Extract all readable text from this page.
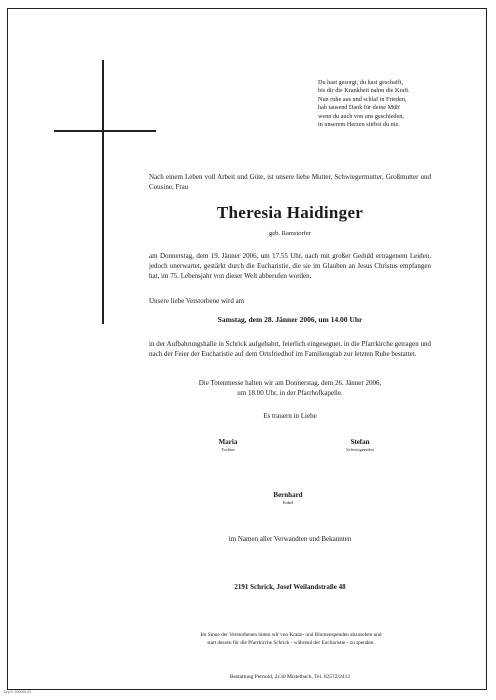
Du hast gesorgt, du hast geschafft,
bis dir die Krankheit nahm die Kraft.
Nun ruhe aus und schlaf in Frieden,
hab tausend Dank für deine Müh'
wenn du auch von uns geschieden,
in unserem Herzen stirbst du nie.

Nach einem Leben voll Arbeit und Güte, ist unsere liebe Mutter, Schwiegermutter, Großmutter und Cousine, Frau

Theresia Haidinger

geb. Ramstorfer

am Donnerstag, dem 19. Jänner 2006, um 17.55 Uhr, nach mit großer Geduld ertragenem Leiden, jedoch unerwartet, gestärkt durch die Eucharistie, die sie im Glauben an Jesus Christus empfangen hat, im 75. Lebensjahr von dieser Welt abberufen worden.

Unsere liebe Verstorbene wird am

Samstag, dem 28. Jänner 2006, um 14.00 Uhr

in der Aufbahrungshalle in Schrick aufgebahrt, feierlich eingesegnet, in die Pfarrkirche getragen und nach der Feier der Eucharistie auf dem Ortsfriedhof im Familiengrab zur letzten Ruhe bestattet.

Die Totenmesse halten wir am Donnerstag, dem 26. Jänner 2006,

um 18.00 Uhr, in der Pfarrhofkapelle.

Es trauern in Liebe

Maria
Tochter
Stefan
Schwiegersohn
Bernhard
Enkel

im Namen aller Verwandten und Bekannten

2191 Schrick, Josef Weilandstraße 48

Im Sinne der Verstorbenen bitten wir von Kranz- und Blumenspenden abzusehen und
statt dessen für die Pfarrkirche Schrick - während der Eucharistie - zu spenden.

Bestattung Pernold, 2130 Mistelbach, Tel. 02572/2413

Drp 5, 300000-01
